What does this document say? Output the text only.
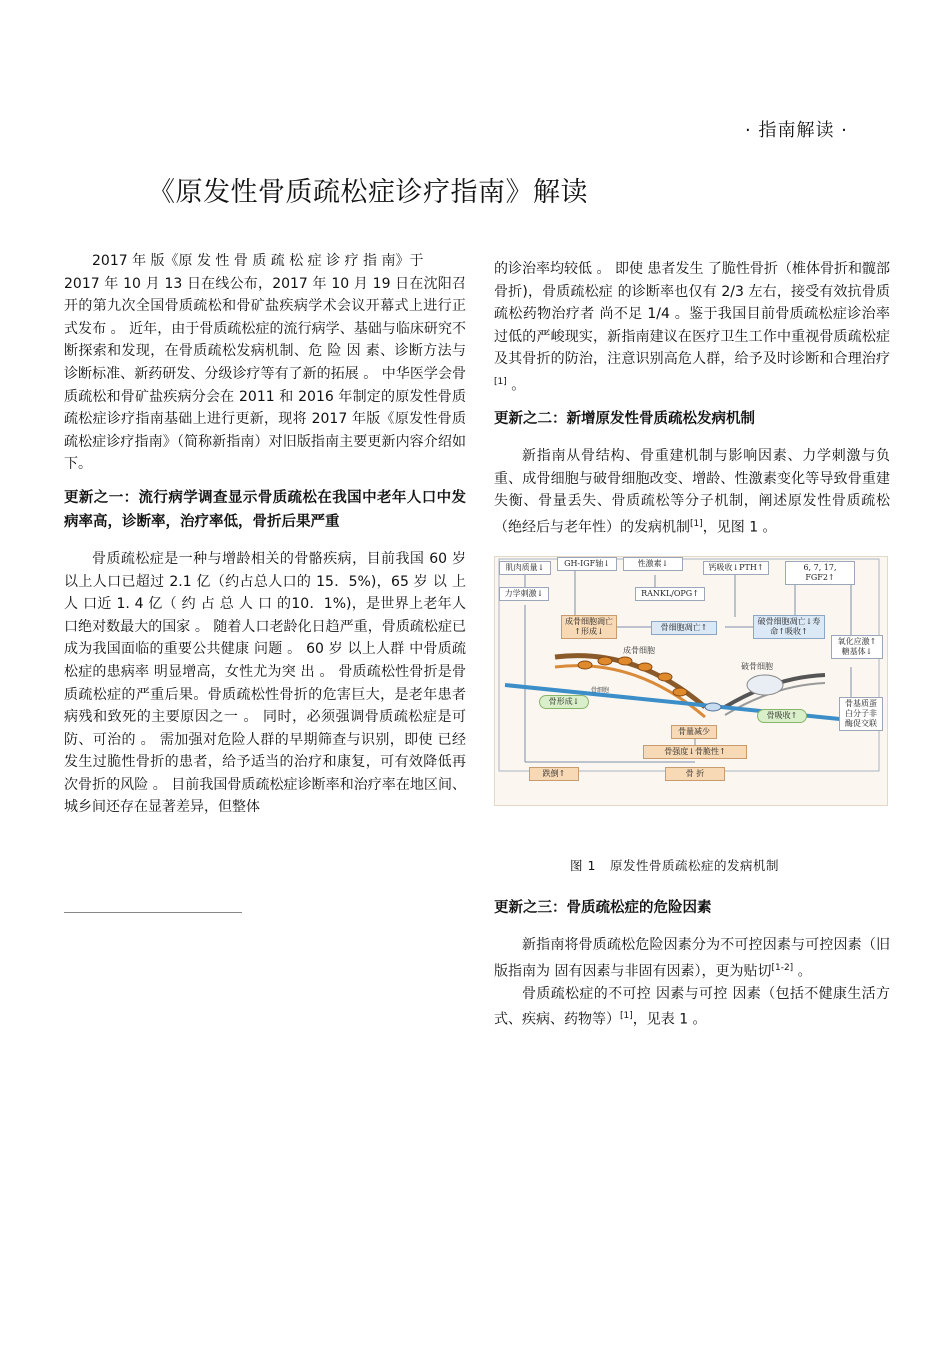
· 指南解读 ·
《原发性骨质疏松症诊疗指南》解读

2017 年 版《原 发 性 骨 质 疏 松 症 诊 疗 指 南》于

2017 年 10 月 13 日在线公布，2017 年 10 月 19 日在沈阳召开的第九次全国骨质疏松和骨矿盐疾病学术会议开幕式上进行正式发布 。 近年，由于骨质疏松症的流行病学、基础与临床研究不断探索和发现，在骨质疏松发病机制、危 险 因 素、诊断方法与诊断标准、新药研发、分级诊疗等有了新的拓展 。 中华医学会骨质疏松和骨矿盐疾病分会在 2011 和 2016 年制定的原发性骨质疏松症诊疗指南基础上进行更新，现将 2017 年版《原发性骨质疏松症诊疗指南》（简称新指南）对旧版指南主要更新内容介绍如下。

更新之一：流行病学调查显示骨质疏松在我国中老年人口中发病率高，诊断率，治疗率低，骨折后果严重

骨质疏松症是一种与增龄相关的骨骼疾病，目前我国 60 岁以上人口已超过 2.1 亿（约占总人口的 15．5%)，65 岁 以 上 人 口近 1. 4 亿（ 约 占 总 人 口 的10．1%)，是世界上老年人口绝对数最大的国家 。 随着人口老龄化日趋严重，骨质疏松症已成为我国面临的重要公共健康 问题 。 60 岁 以上人群 中骨质疏松症的患病率 明显增高，女性尤为突 出 。 骨质疏松性骨折是骨质疏松症的严重后果。骨质疏松性骨折的危害巨大，是老年患者病残和致死的主要原因之一 。 同时，必须强调骨质疏松症是可防、可治的 。 需加强对危险人群的早期筛查与识别，即使 已经发生过脆性骨折的患者，给予适当的治疗和康复，可有效降低再次骨折的风险 。 目前我国骨质疏松症诊断率和治疗率在地区间、城乡间还存在显著差异，但整体

的诊治率均较低 。 即使 患者发生 了脆性骨折（椎体骨折和髋部骨折)，骨质疏松症 的诊断率也仅有 2/3 左右，接受有效抗骨质疏松药物治疗者 尚不足 1/4 。鉴于我国目前骨质疏松症诊治率过低的严峻现实，新指南建议在医疗卫生工作中重视骨质疏松症及其骨折的防治，注意识别高危人群，给予及时诊断和合理治疗[1] 。

更新之二：新增原发性骨质疏松发病机制

新指南从骨结构、骨重建机制与影响因素、力学刺激与负重、成骨细胞与破骨细胞改变、增龄、性激素变化等导致骨重建失衡、骨量丢失、骨质疏松等分子机制，阐述原发性骨质疏松（绝经后与老年性）的发病机制[1]，见图 1 。

肌肉质量↓	GH-IGF轴↓	性激素↓	钙吸收↓PTH↑	6, 7, 17, FGF2↑
力学刺激↓	RANKL/OPG↑
成骨细胞凋亡↑形成↓	骨细胞凋亡↑
破骨细胞凋亡↓寿命↑吸收↑
氧化应激↑糖基体↓
成骨细胞
破骨细胞
骨细胞
骨形成↓
骨吸收↑
骨基质蛋白分子非酶促交联
骨量减少
骨强度↓骨脆性↑
跌倒↑	骨 折
图 1 原发性骨质疏松症的发病机制
更新之三：骨质疏松症的危险因素

新指南将骨质疏松危险因素分为不可控因素与可控因素（旧版指南为 固有因素与非固有因素），更为贴切[1-2] 。

骨质疏松症的不可控 因素与可控 因素（包括不健康生活方式、疾病、药物等）[1]，见表 1 。
